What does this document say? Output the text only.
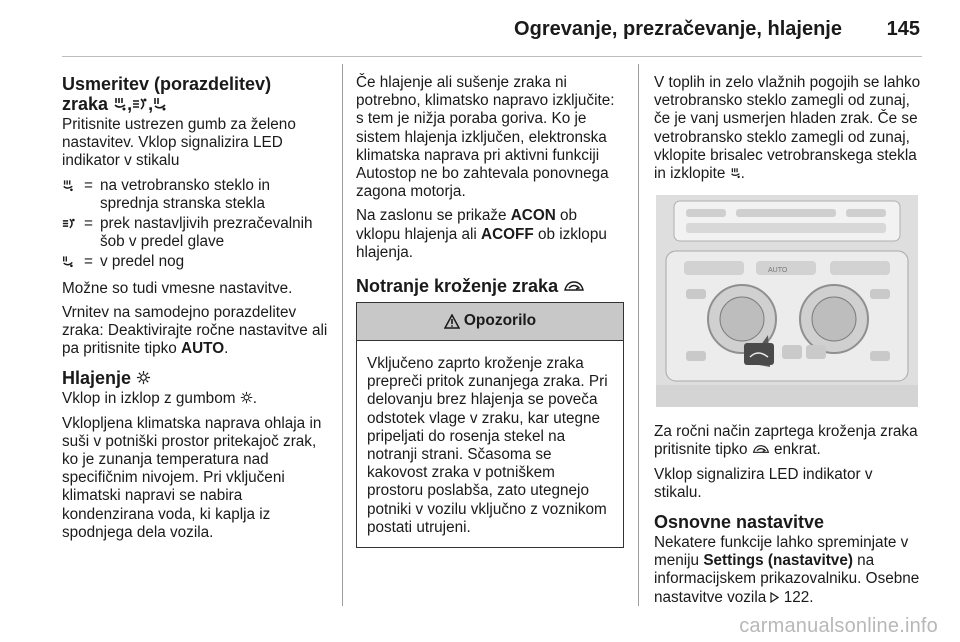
Ogrevanje, prezračevanje, hlajenje 145
Usmeritev (porazdelitev)
zraka , ,

Pritisnite ustrezen gumb za želeno nastavitev. Vklop signalizira LED indikator v stikalu

= na vetrobransko steklo in sprednja stranska stekla
= prek nastavljivih prezračevalnih šob v predel glave
= v predel nog

Možne so tudi vmesne nastavitve.

Vrnitev na samodejno porazdelitev zraka: Deaktivirajte ročne nastavitve ali pa pritisnite tipko AUTO.

Hlajenje

Vklop in izklop z gumbom
.

Vklopljena klimatska naprava ohlaja in suši v potniški prostor pritekajoč zrak, ko je zunanja temperatura nad specifičnim nivojem. Pri vključeni klimatski napravi se nabira kondenzirana voda, ki kaplja iz spodnjega dela vozila.

Če hlajenje ali sušenje zraka ni potrebno, klimatsko napravo izključite: s tem je nižja poraba goriva. Ko je sistem hlajenja izključen, elektronska klimatska naprava pri aktivni funkciji Autostop ne bo zahtevala ponovnega zagona motorja.

Na zaslonu se prikaže ACON ob vklopu hlajenja ali ACOFF ob izklopu hlajenja.

Notranje kroženje zraka
Opozorilo
Vključeno zaprto kroženje zraka prepreči pritok zunanjega zraka. Pri delovanju brez hlajenja se poveča odstotek vlage v zraku, kar utegne pripeljati do rosenja stekel na notranji strani. Sčasoma se kakovost zraka v potniškem prostoru poslabša, zato utegnejo potniki v vozilu vključno z voznikom postati utrujeni.

V toplih in zelo vlažnih pogojih se lahko vetrobransko steklo zamegli od zunaj, če je vanj usmerjen hladen zrak. Če se vetrobransko steklo zamegli od zunaj, vklopite brisalec vetrobranskega stekla in izklopite
.

AUTO

Za ročni način zaprtega kroženja zraka pritisnite tipko
enkrat.

Vklop signalizira LED indikator v stikalu.

Osnovne nastavitve

Nekatere funkcije lahko spreminjate v meniju Settings (nastavitve) na informacijskem prikazovalniku. Osebne nastavitve vozila
122.

carmanualsonline.info
